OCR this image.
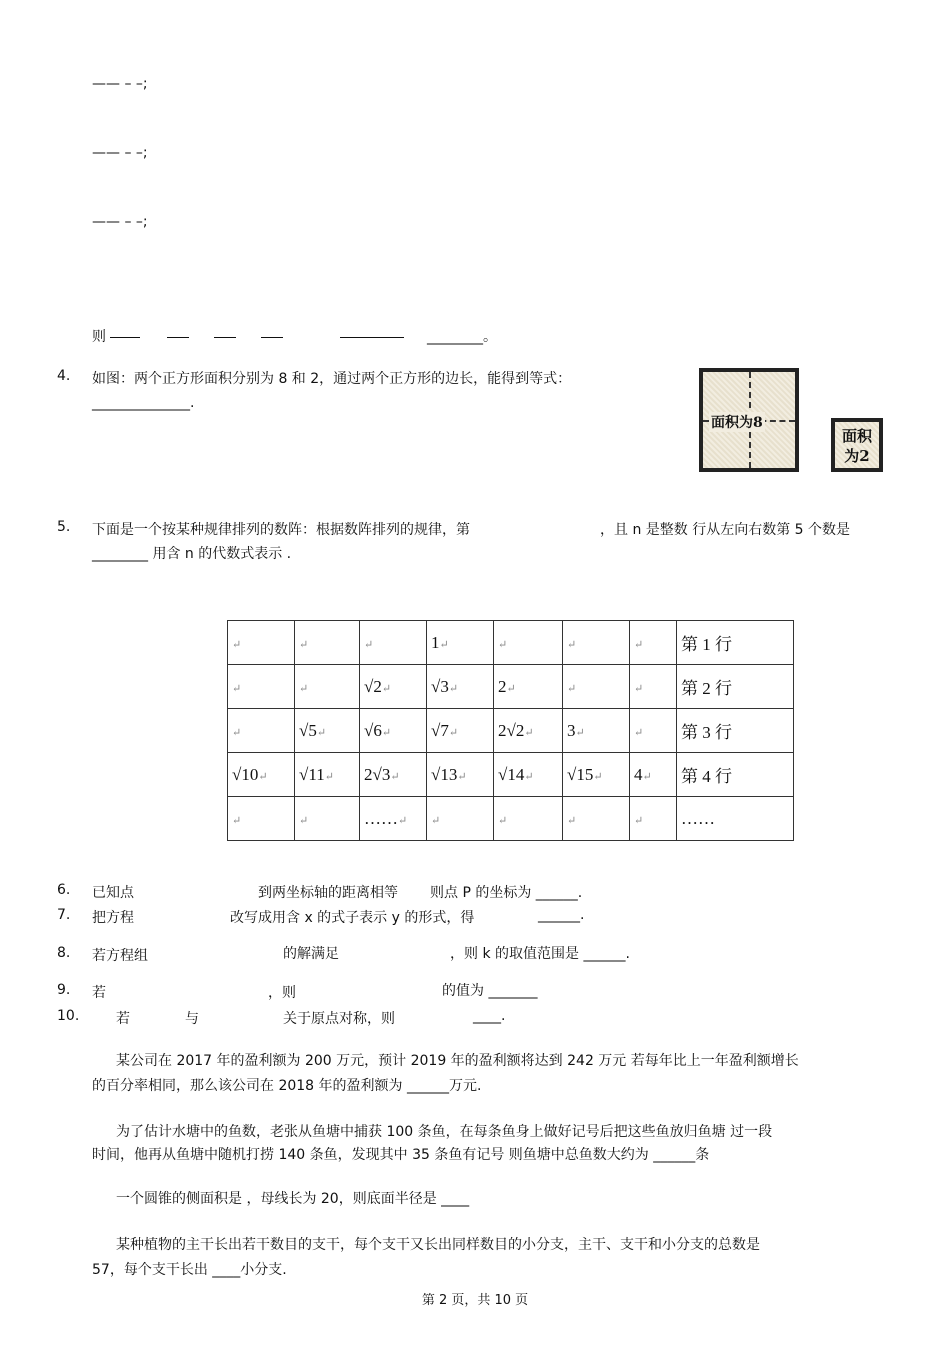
—— – –;
—— – –;
—— – –;
则	________。
4. 如图：两个正方形面积分别为 8 和 2，通过两个正方形的边长，能得到等式：
______________.
面积为8
面积为2
5. 下面是一个按某种规律排列的数阵：根据数阵排列的规律，第	，且 n 是整数 行从左向右数第 5 个数是
________ 用含 n 的代数式表示 .
↵	↵	↵	1↵	↵	↵	↵	第 1 行
↵	↵	√2↵	√3↵	2↵	↵	↵	第 2 行
↵	√5↵	√6↵	√7↵	2√2↵	3↵	↵	第 3 行
√10↵	√11↵	2√3↵	√13↵	√14↵	√15↵	4↵	第 4 行
↵	↵	……↵	↵	↵	↵	↵	……
6. 已知点	到两坐标轴的距离相等 则点 P 的坐标为 ______.
7. 把方程	改写成用含 x 的式子表示 y 的形式，得	______.
8. 若方程组	的解满足	，则 k 的取值范围是 ______.
9. 若	，则	的值为 _______
10.	若	与	关于原点对称，则	____.
某公司在 2017 年的盈利额为 200 万元，预计 2019 年的盈利额将达到 242 万元 若每年比上一年盈利额增长
的百分率相同，那么该公司在 2018 年的盈利额为 ______万元.
为了估计水塘中的鱼数，老张从鱼塘中捕获 100 条鱼，在每条鱼身上做好记号后把这些鱼放归鱼塘 过一段
时间，他再从鱼塘中随机打捞 140 条鱼，发现其中 35 条鱼有记号 则鱼塘中总鱼数大约为 ______条
一个圆锥的侧面积是 ，母线长为 20，则底面半径是 ____
某种植物的主干长出若干数目的支干，每个支干又长出同样数目的小分支，主干、支干和小分支的总数是
57，每个支干长出 ____小分支.
第 2 页，共 10 页
